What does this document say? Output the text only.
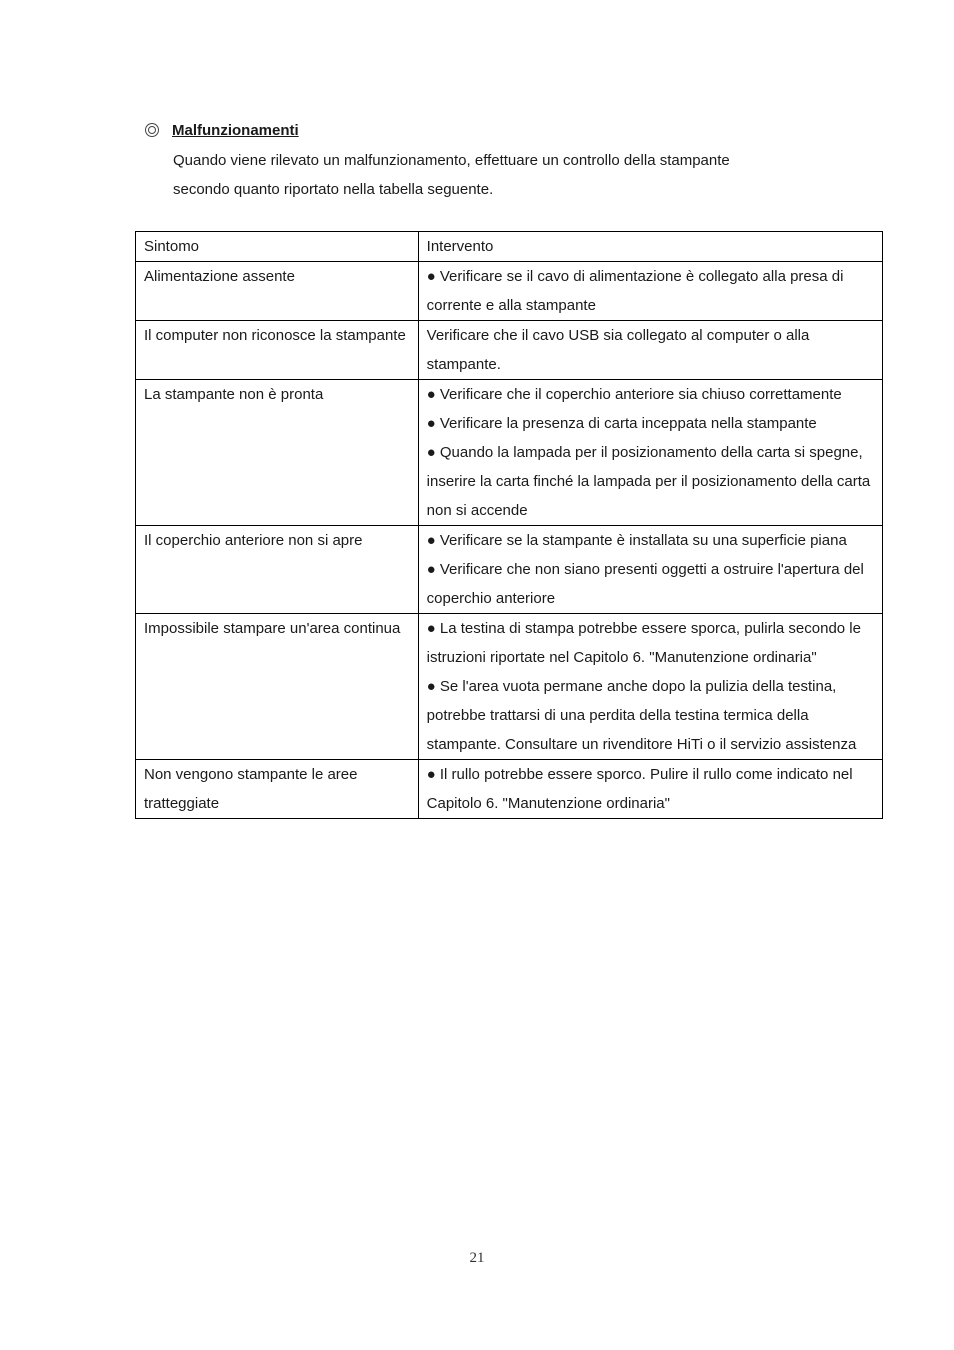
Malfunzionamenti
Quando viene rilevato un malfunzionamento, effettuare un controllo della stampante
secondo quanto riportato nella tabella seguente.
Sintomo	Intervento
Alimentazione assente	● Verificare se il cavo di alimentazione è collegato alla presa di corrente e alla stampante

Il computer non riconosce la stampante	Verificare che il cavo USB sia collegato al computer o alla stampante.

La stampante non è pronta	● Verificare che il coperchio anteriore sia chiuso correttamente
● Verificare la presenza di carta inceppata nella stampante
● Quando la lampada per il posizionamento della carta si spegne, inserire la carta finché la lampada per il posizionamento della carta non si accende

Il coperchio anteriore non si apre	● Verificare se la stampante è installata su una superficie piana
● Verificare che non siano presenti oggetti a ostruire l'apertura del coperchio anteriore

Impossibile stampare un'area continua	● La testina di stampa potrebbe essere sporca, pulirla secondo le istruzioni riportate nel Capitolo 6. "Manutenzione ordinaria"
● Se l'area vuota permane anche dopo la pulizia della testina, potrebbe trattarsi di una perdita della testina termica della stampante. Consultare un rivenditore HiTi o il servizio assistenza

Non vengono stampante le aree tratteggiate	● Il rullo potrebbe essere sporco. Pulire il rullo come indicato nel Capitolo 6. "Manutenzione ordinaria"
21
